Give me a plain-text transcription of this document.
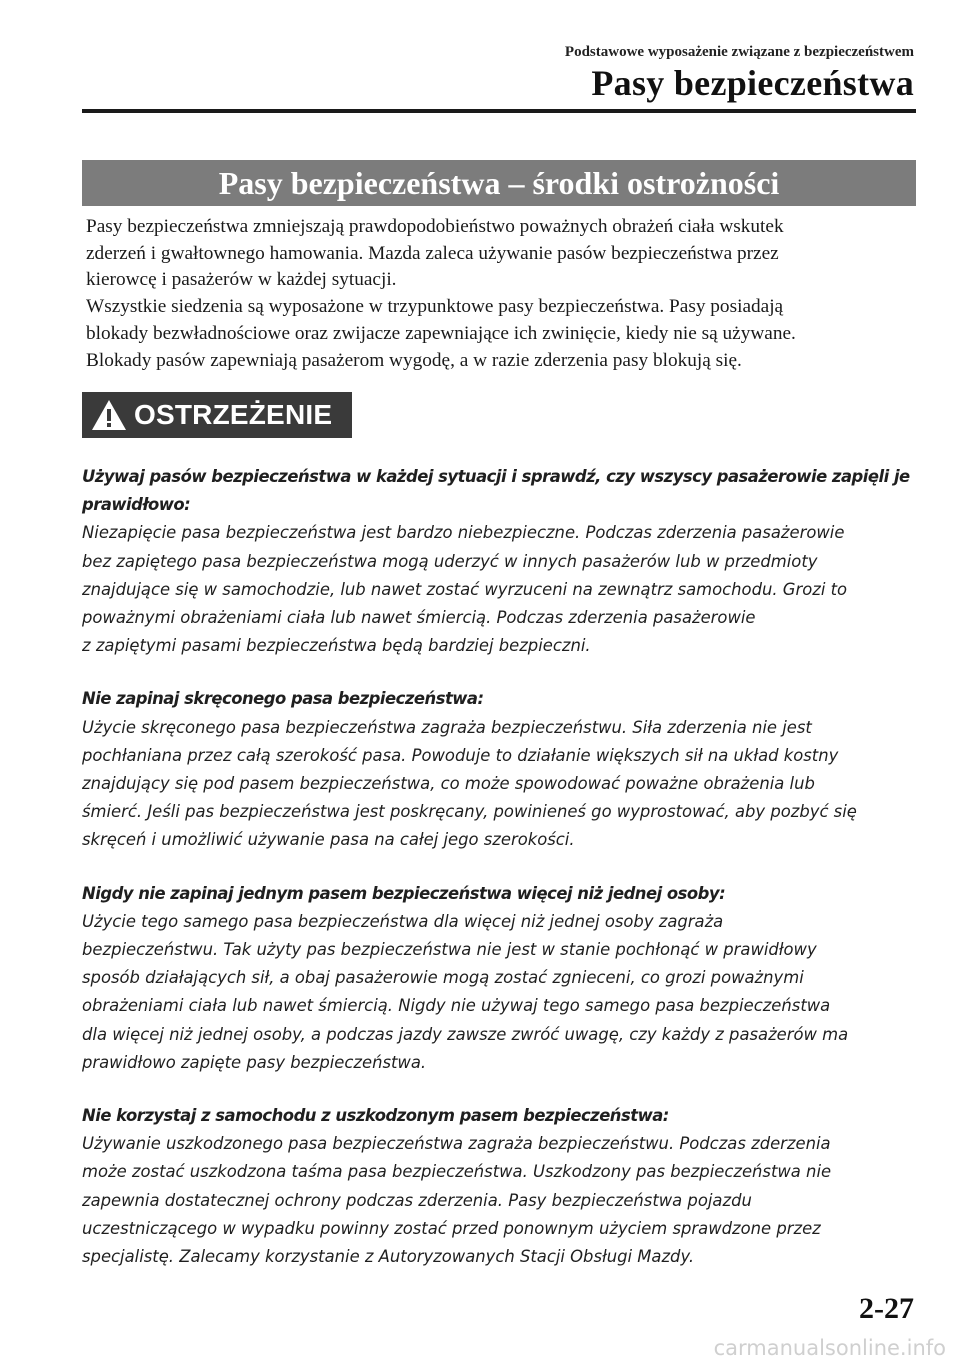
Podstawowe wyposażenie związane z bezpieczeństwem
Pasy bezpieczeństwa
Pasy bezpieczeństwa – środki ostrożności

Pasy bezpieczeństwa zmniejszają prawdopodobieństwo poważnych obrażeń ciała wskutek

zderzeń i gwałtownego hamowania. Mazda zaleca używanie pasów bezpieczeństwa przez

kierowcę i pasażerów w każdej sytuacji.

Wszystkie siedzenia są wyposażone w trzypunktowe pasy bezpieczeństwa. Pasy posiadają

blokady bezwładnościowe oraz zwijacze zapewniające ich zwinięcie, kiedy nie są używane.

Blokady pasów zapewniają pasażerom wygodę, a w razie zderzenia pasy blokują się.

OSTRZEŻENIE
Używaj pasów bezpieczeństwa w każdej sytuacji i sprawdź, czy wszyscy pasażerowie zapięli je
prawidłowo:
Niezapięcie pasa bezpieczeństwa jest bardzo niebezpieczne. Podczas zderzenia pasażerowie
bez zapiętego pasa bezpieczeństwa mogą uderzyć w innych pasażerów lub w przedmioty
znajdujące się w samochodzie, lub nawet zostać wyrzuceni na zewnątrz samochodu. Grozi to
poważnymi obrażeniami ciała lub nawet śmiercią. Podczas zderzenia pasażerowie
z zapiętymi pasami bezpieczeństwa będą bardziej bezpieczni.
Nie zapinaj skręconego pasa bezpieczeństwa:
Użycie skręconego pasa bezpieczeństwa zagraża bezpieczeństwu. Siła zderzenia nie jest
pochłaniana przez całą szerokość pasa. Powoduje to działanie większych sił na układ kostny
znajdujący się pod pasem bezpieczeństwa, co może spowodować poważne obrażenia lub
śmierć. Jeśli pas bezpieczeństwa jest poskręcany, powinieneś go wyprostować, aby pozbyć się
skręceń i umożliwić używanie pasa na całej jego szerokości.
Nigdy nie zapinaj jednym pasem bezpieczeństwa więcej niż jednej osoby:
Użycie tego samego pasa bezpieczeństwa dla więcej niż jednej osoby zagraża
bezpieczeństwu. Tak użyty pas bezpieczeństwa nie jest w stanie pochłonąć w prawidłowy
sposób działających sił, a obaj pasażerowie mogą zostać zgnieceni, co grozi poważnymi
obrażeniami ciała lub nawet śmiercią. Nigdy nie używaj tego samego pasa bezpieczeństwa
dla więcej niż jednej osoby, a podczas jazdy zawsze zwróć uwagę, czy każdy z pasażerów ma
prawidłowo zapięte pasy bezpieczeństwa.
Nie korzystaj z samochodu z uszkodzonym pasem bezpieczeństwa:
Używanie uszkodzonego pasa bezpieczeństwa zagraża bezpieczeństwu. Podczas zderzenia
może zostać uszkodzona taśma pasa bezpieczeństwa. Uszkodzony pas bezpieczeństwa nie
zapewnia dostatecznej ochrony podczas zderzenia. Pasy bezpieczeństwa pojazdu
uczestniczącego w wypadku powinny zostać przed ponownym użyciem sprawdzone przez
specjalistę. Zalecamy korzystanie z Autoryzowanych Stacji Obsługi Mazdy.
2-27
carmanualsonline.info
